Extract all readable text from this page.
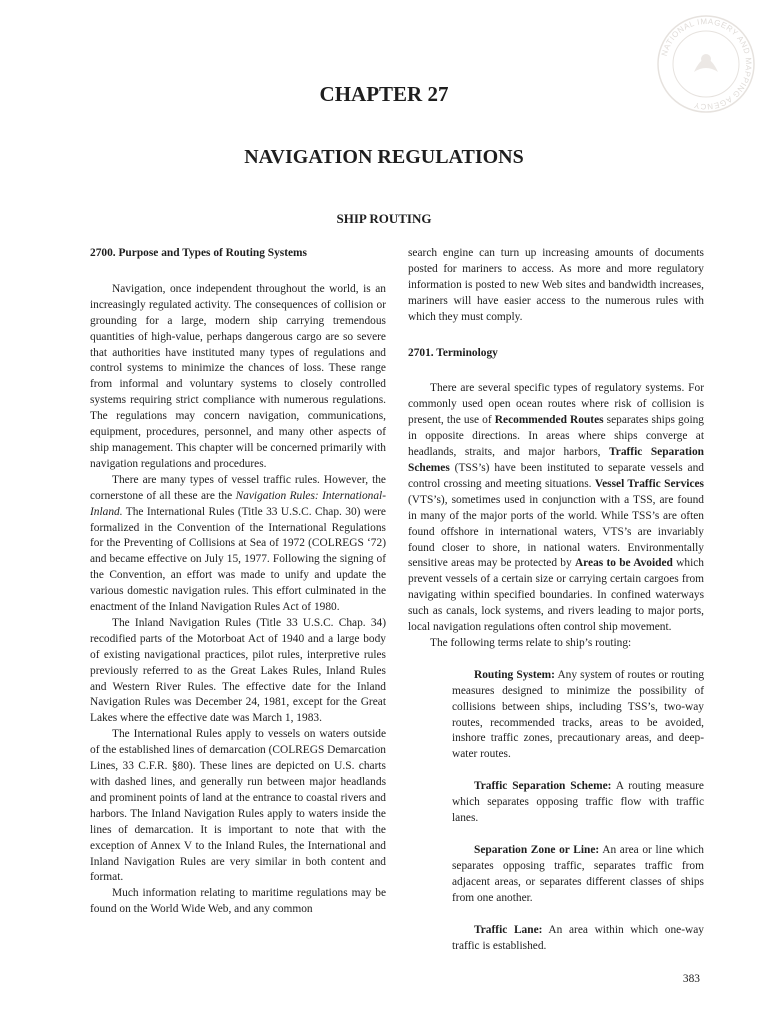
NATIONAL IMAGERY AND MAPPING AGENCY
CHAPTER 27
NAVIGATION REGULATIONS
SHIP ROUTING
2700. Purpose and Types of Routing Systems

Navigation, once independent throughout the world, is an increasingly regulated activity. The consequences of collision or grounding for a large, modern ship carrying tremendous quantities of high-value, perhaps dangerous cargo are so severe that authorities have instituted many types of regulations and control systems to minimize the chances of loss. These range from informal and voluntary systems to closely controlled systems requiring strict compliance with numerous regulations. The regulations may concern navigation, communications, equipment, procedures, personnel, and many other aspects of ship management. This chapter will be concerned primarily with navigation regulations and procedures.

There are many types of vessel traffic rules. However, the cornerstone of all these are the Navigation Rules: International-Inland. The International Rules (Title 33 U.S.C. Chap. 30) were formalized in the Convention of the International Regulations for the Preventing of Collisions at Sea of 1972 (COLREGS ‘72) and became effective on July 15, 1977. Following the signing of the Convention, an effort was made to unify and update the various domestic navigation rules. This effort culminated in the enactment of the Inland Navigation Rules Act of 1980.

The Inland Navigation Rules (Title 33 U.S.C. Chap. 34) recodified parts of the Motorboat Act of 1940 and a large body of existing navigational practices, pilot rules, interpretive rules previously referred to as the Great Lakes Rules, Inland Rules and Western River Rules. The effective date for the Inland Navigation Rules was December 24, 1981, except for the Great Lakes where the effective date was March 1, 1983.

The International Rules apply to vessels on waters outside of the established lines of demarcation (COLREGS Demarcation Lines, 33 C.F.R. §80). These lines are depicted on U.S. charts with dashed lines, and generally run between major headlands and prominent points of land at the entrance to coastal rivers and harbors. The Inland Navigation Rules apply to waters inside the lines of demarcation. It is important to note that with the exception of Annex V to the Inland Rules, the International and Inland Navigation Rules are very similar in both content and format.

Much information relating to maritime regulations may be found on the World Wide Web, and any common

search engine can turn up increasing amounts of documents posted for mariners to access. As more and more regulatory information is posted to new Web sites and bandwidth increases, mariners will have easier access to the numerous rules with which they must comply.

2701. Terminology

There are several specific types of regulatory systems. For commonly used open ocean routes where risk of collision is present, the use of Recommended Routes separates ships going in opposite directions. In areas where ships converge at headlands, straits, and major harbors, Traffic Separation Schemes (TSS’s) have been instituted to separate vessels and control crossing and meeting situations. Vessel Traffic Services (VTS’s), sometimes used in conjunction with a TSS, are found in many of the major ports of the world. While TSS’s are often found offshore in international waters, VTS’s are invariably found closer to shore, in national waters. Environmentally sensitive areas may be protected by Areas to be Avoided which prevent vessels of a certain size or carrying certain cargoes from navigating within specified boundaries. In confined waterways such as canals, lock systems, and rivers leading to major ports, local navigation regulations often control ship movement.

The following terms relate to ship’s routing:

Routing System: Any system of routes or routing measures designed to minimize the possibility of collisions between ships, including TSS’s, two-way routes, recommended tracks, areas to be avoided, inshore traffic zones, precautionary areas, and deep-water routes.

Traffic Separation Scheme: A routing measure which separates opposing traffic flow with traffic lanes.

Separation Zone or Line: An area or line which separates opposing traffic, separates traffic from adjacent areas, or separates different classes of ships from one another.

Traffic Lane: An area within which one-way traffic is established.

383
